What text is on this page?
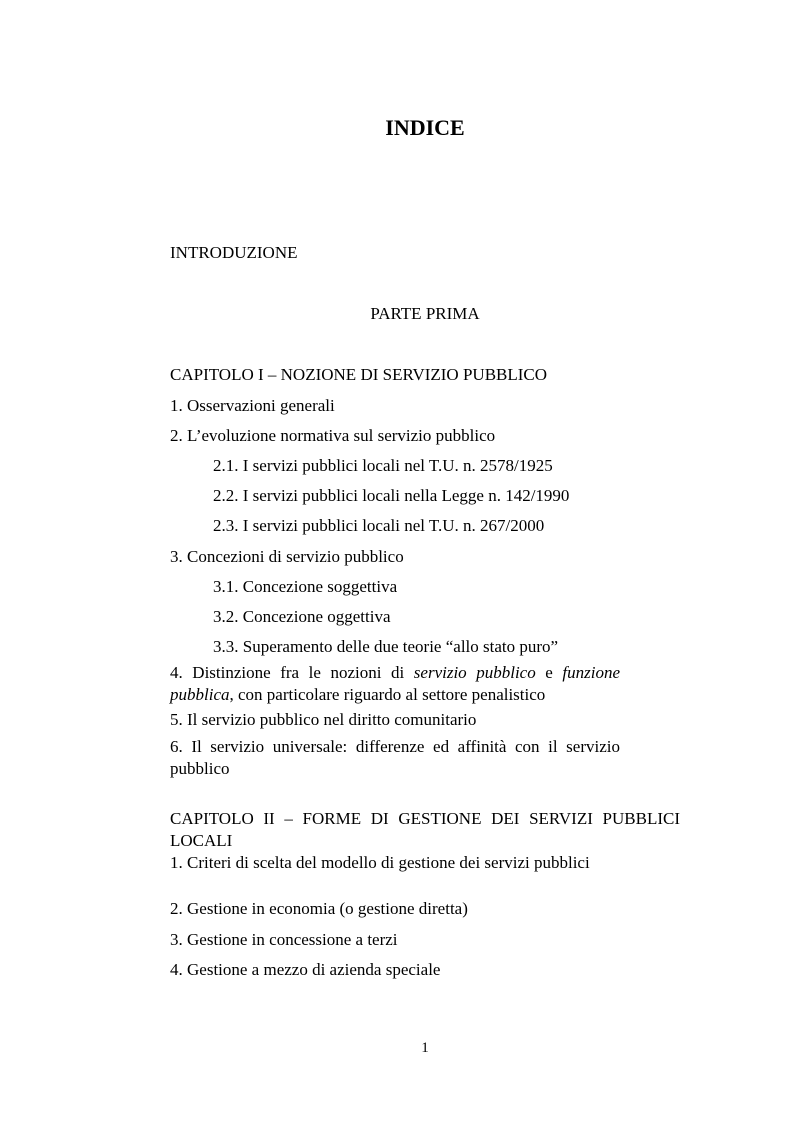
INDICE
INTRODUZIONE
PARTE PRIMA
CAPITOLO I – NOZIONE DI SERVIZIO PUBBLICO
1. Osservazioni generali
2. L’evoluzione normativa sul servizio pubblico
2.1. I servizi pubblici locali nel T.U. n. 2578/1925
2.2. I servizi pubblici locali nella Legge n. 142/1990
2.3. I servizi pubblici locali nel T.U. n. 267/2000
3. Concezioni di servizio pubblico
3.1. Concezione soggettiva
3.2. Concezione oggettiva
3.3. Superamento delle due teorie “allo stato puro”
4. Distinzione fra le nozioni di servizio pubblico e funzione pubblica, con particolare riguardo al settore penalistico
5. Il servizio pubblico nel diritto comunitario
6. Il servizio universale: differenze ed affinità con il servizio pubblico
CAPITOLO II – FORME DI GESTIONE DEI SERVIZI PUBBLICI LOCALI
1. Criteri di scelta del modello di gestione dei servizi pubblici
2. Gestione in economia (o gestione diretta)
3. Gestione in concessione a terzi
4. Gestione a mezzo di azienda speciale
1
